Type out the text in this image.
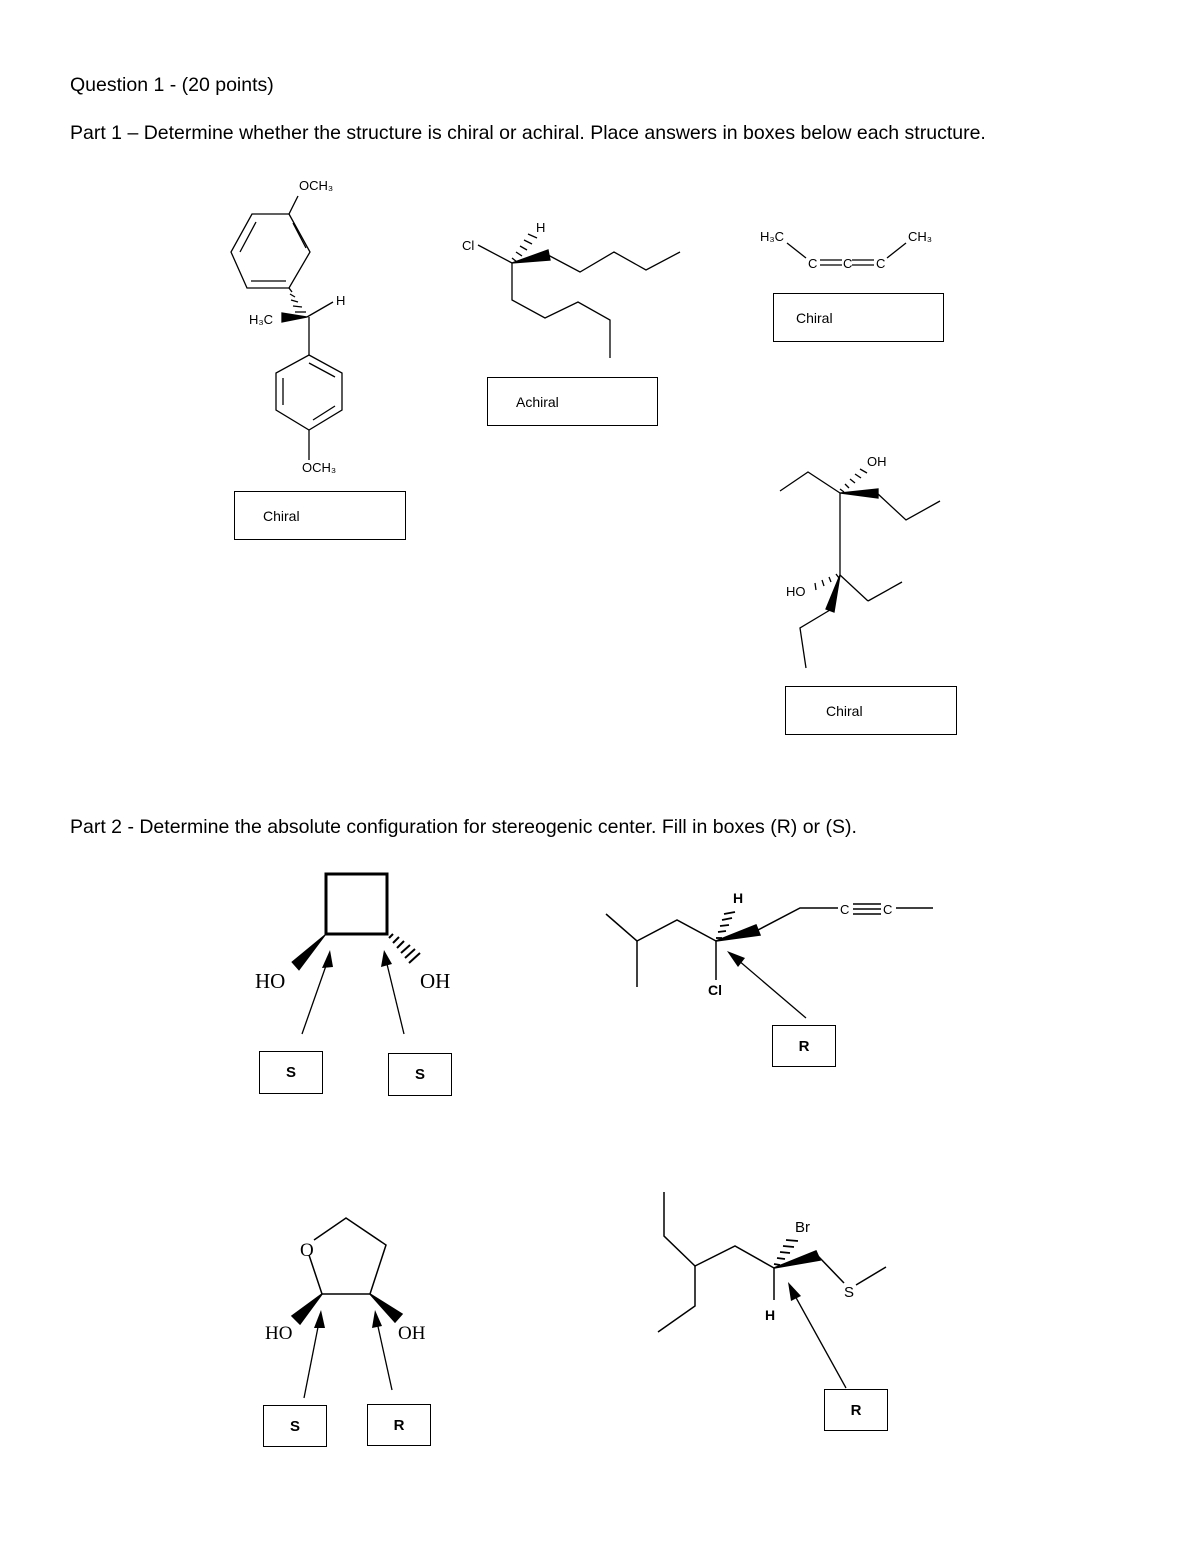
Question 1 - (20 points)
Part 1 – Determine whether the structure is chiral or achiral. Place answers in boxes below each structure.
Part 2 - Determine the absolute configuration for stereogenic center. Fill in boxes (R) or (S).
OCH₃
H₃C
H
OCH₃
Cl
H
H₃C
C C C
CH₃
OH
HO
HO	OH
H
Cl
C	C
O
HO	OH
Br
H
S
Chiral
Achiral
Chiral
Chiral
S	S
R
S	R
R
